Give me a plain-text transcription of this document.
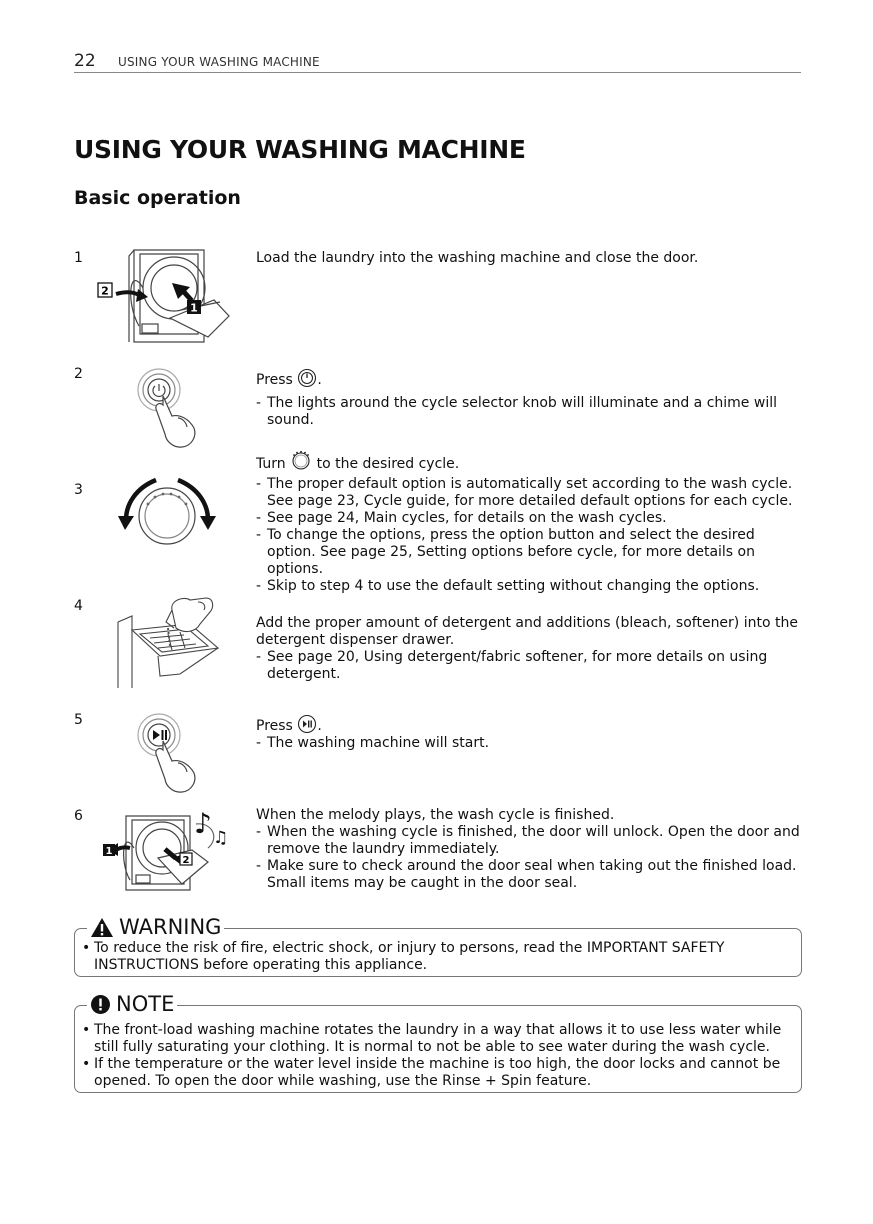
22 USING YOUR WASHING MACHINE
USING YOUR WASHING MACHINE
Basic operation
1
2
1

Load the laundry into the washing machine and close the door.

2	Press .

- The lights around the cycle selector knob will illuminate and a chime will sound.
3

Turn to the desired cycle.

- The proper default option is automatically set according to the wash cycle. See page 23, Cycle guide, for more detailed default options for each cycle.
- See page 24, Main cycles, for details on the wash cycles.
- To change the options, press the option button and select the desired option. See page 25, Setting options before cycle, for more details on options.
- Skip to step 4 to use the default setting without changing the options.
4

Add the proper amount of detergent and additions (bleach, softener) into the detergent dispenser drawer.

- See page 20, Using detergent/fabric softener, for more details on using detergent.
5	Press .

- The washing machine will start.
6
1
2
♪ ♫

When the melody plays, the wash cycle is finished.

- When the washing cycle is finished, the door will unlock. Open the door and remove the laundry immediately.
- Make sure to check around the door seal when taking out the finished load. Small items may be caught in the door seal.
WARNING
• To reduce the risk of fire, electric shock, or injury to persons, read the IMPORTANT SAFETY INSTRUCTIONS before operating this appliance.
NOTE
• The front-load washing machine rotates the laundry in a way that allows it to use less water while still fully saturating your clothing. It is normal to not be able to see water during the wash cycle.
• If the temperature or the water level inside the machine is too high, the door locks and cannot be opened. To open the door while washing, use the Rinse + Spin feature.
